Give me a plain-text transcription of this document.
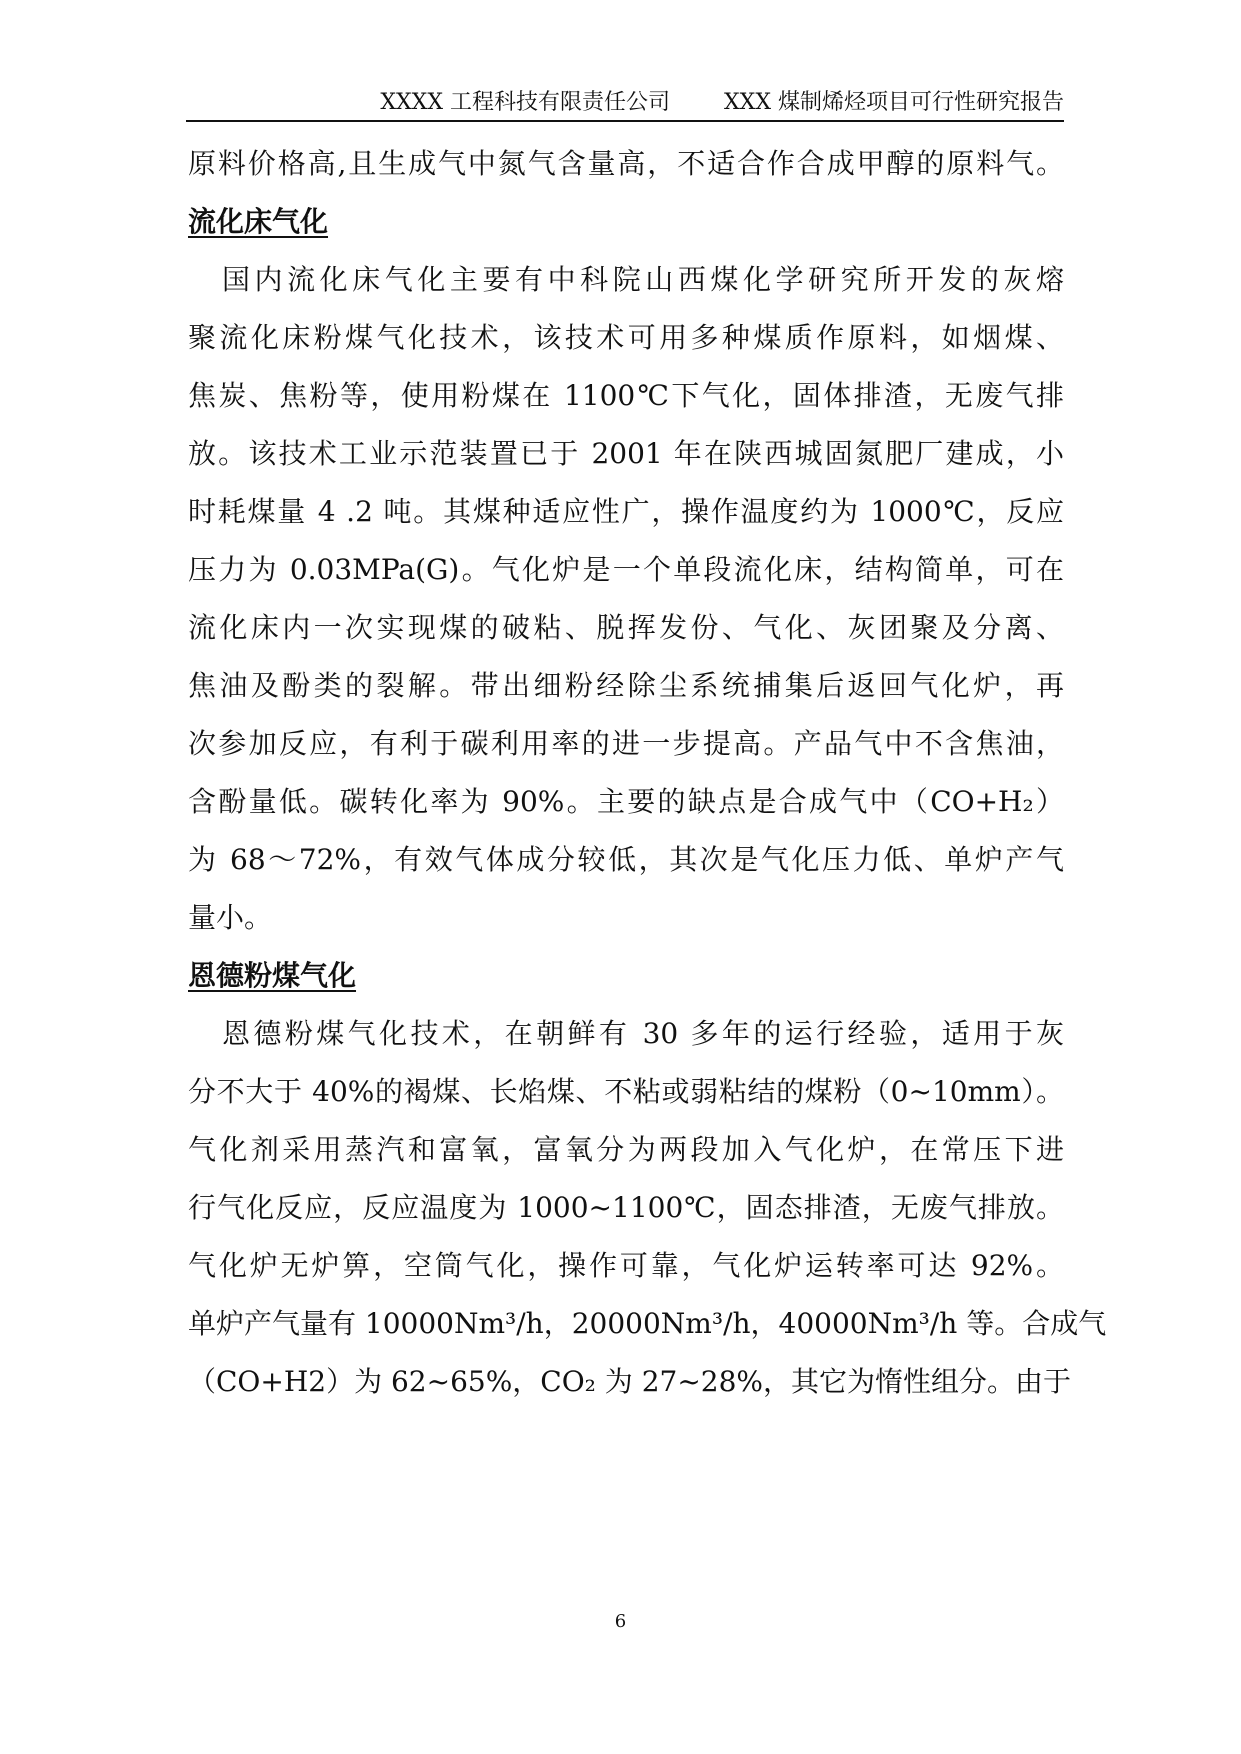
XXXX 工程科技有限责任公司 XXX 煤制烯烃项目可行性研究报告

原料价格高,且生成气中氮气含量高，不适合作合成甲醇的原料气。

流化床气化

国内流化床气化主要有中科院山西煤化学研究所开发的灰熔

聚流化床粉煤气化技术，该技术可用多种煤质作原料，如烟煤、

焦炭、焦粉等，使用粉煤在 1100℃下气化，固体排渣，无废气排

放。该技术工业示范装置已于 2001 年在陕西城固氮肥厂建成，小

时耗煤量 4 .2 吨。其煤种适应性广，操作温度约为 1000℃，反应

压力为 0.03MPa(G)。气化炉是一个单段流化床，结构简单，可在

流化床内一次实现煤的破粘、脱挥发份、气化、灰团聚及分离、

焦油及酚类的裂解。带出细粉经除尘系统捕集后返回气化炉，再

次参加反应，有利于碳利用率的进一步提高。产品气中不含焦油，

含酚量低。碳转化率为 90%。主要的缺点是合成气中（CO+H₂）

为 68～72%，有效气体成分较低，其次是气化压力低、单炉产气

量小。

恩德粉煤气化

恩德粉煤气化技术，在朝鲜有 30 多年的运行经验，适用于灰

分不大于 40%的褐煤、长焰煤、不粘或弱粘结的煤粉（0~10mm）。

气化剂采用蒸汽和富氧，富氧分为两段加入气化炉，在常压下进

行气化反应，反应温度为 1000~1100℃，固态排渣，无废气排放。

气化炉无炉箅，空筒气化，操作可靠，气化炉运转率可达 92%。

单炉产气量有 10000Nm³/h，20000Nm³/h，40000Nm³/h 等。合成气

（CO+H2）为 62~65%，CO₂ 为 27~28%，其它为惰性组分。由于

6
